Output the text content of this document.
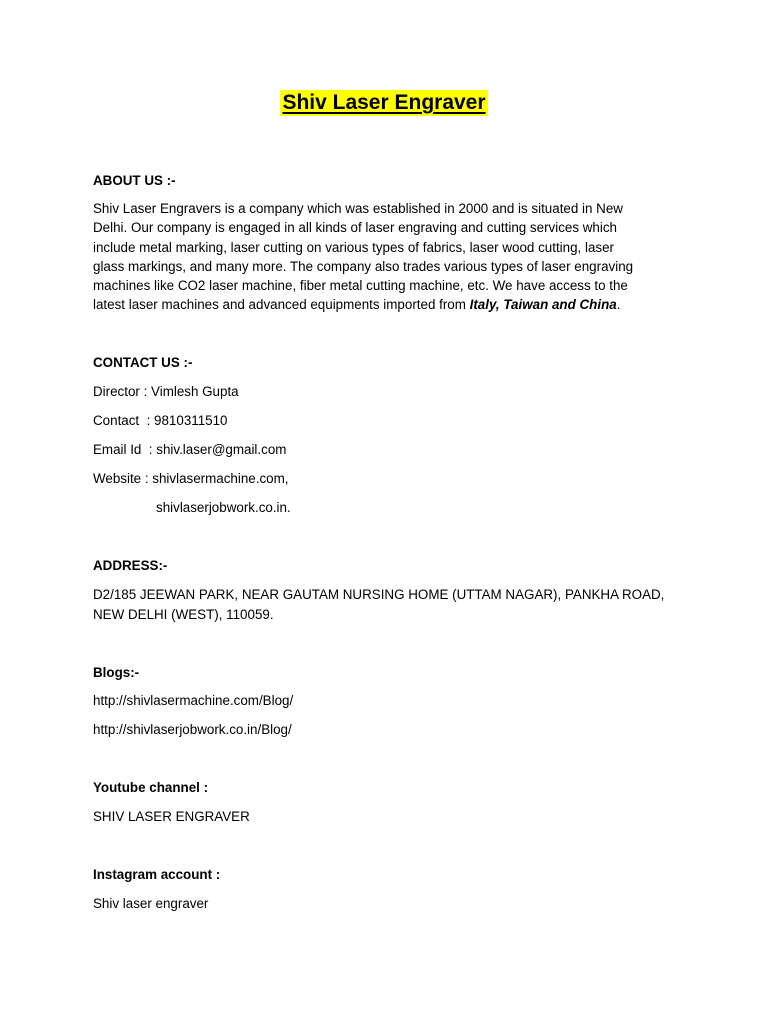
Shiv Laser Engraver
ABOUT US :-
Shiv Laser Engravers is a company which was established in 2000 and is situated in New
Delhi. Our company is engaged in all kinds of laser engraving and cutting services which
include metal marking, laser cutting on various types of fabrics, laser wood cutting, laser
glass markings, and many more. The company also trades various types of laser engraving
machines like CO2 laser machine, fiber metal cutting machine, etc. We have access to the
latest laser machines and advanced equipments imported from Italy, Taiwan and China.
CONTACT US :-
Director : Vimlesh Gupta
Contact  : 9810311510
Email Id  : shiv.laser@gmail.com
Website : shivlasermachine.com,
shivlaserjobwork.co.in.
ADDRESS:-
D2/185 JEEWAN PARK, NEAR GAUTAM NURSING HOME (UTTAM NAGAR), PANKHA ROAD,
NEW DELHI (WEST), 110059.
Blogs:-
http://shivlasermachine.com/Blog/
http://shivlaserjobwork.co.in/Blog/
Youtube channel :
SHIV LASER ENGRAVER
Instagram account :
Shiv laser engraver
